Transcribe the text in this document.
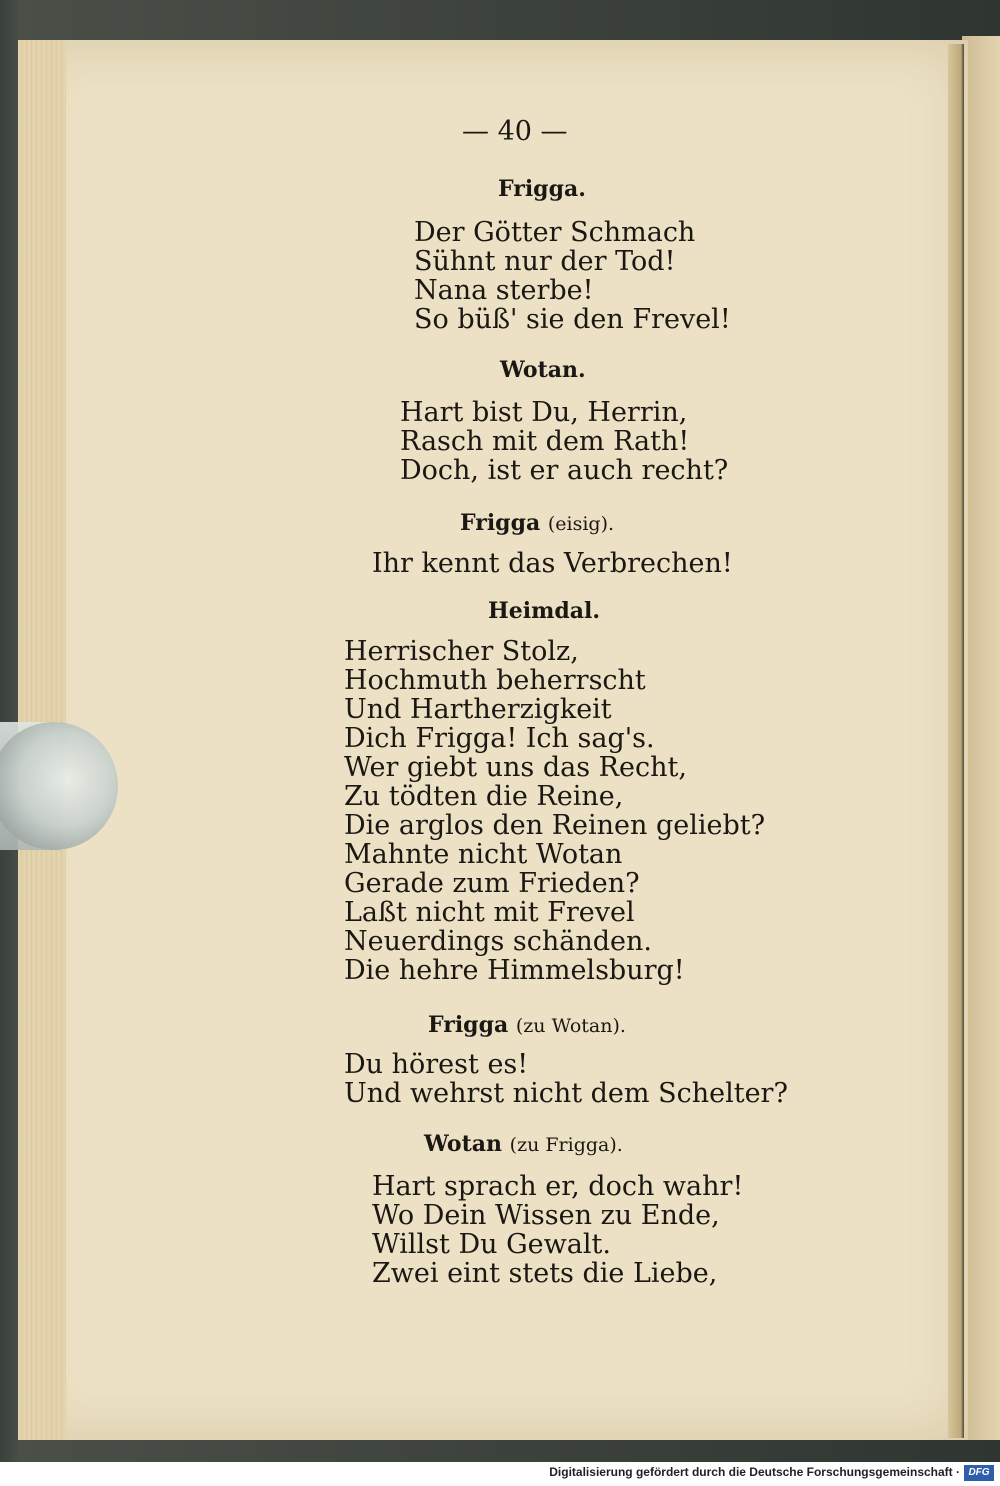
— 40 —
Frigga.
Der Götter Schmach
Sühnt nur der Tod!
Nana sterbe!
So büß' sie den Frevel!
Wotan.
Hart bist Du, Herrin,
Rasch mit dem Rath!
Doch, ist er auch recht?
Frigga (eisig).
Ihr kennt das Verbrechen!
Heimdal.
Herrischer Stolz,
Hochmuth beherrscht
Und Hartherzigkeit
Dich Frigga! Ich sag's.
Wer giebt uns das Recht,
Zu tödten die Reine,
Die arglos den Reinen geliebt?
Mahnte nicht Wotan
Gerade zum Frieden?
Laßt nicht mit Frevel
Neuerdings schänden.
Die hehre Himmelsburg!
Frigga (zu Wotan).
Du hörest es!
Und wehrst nicht dem Schelter?
Wotan (zu Frigga).
Hart sprach er, doch wahr!
Wo Dein Wissen zu Ende,
Willst Du Gewalt.
Zwei eint stets die Liebe,
Digitalisierung gefördert durch die Deutsche Forschungsgemeinschaft · DFG
